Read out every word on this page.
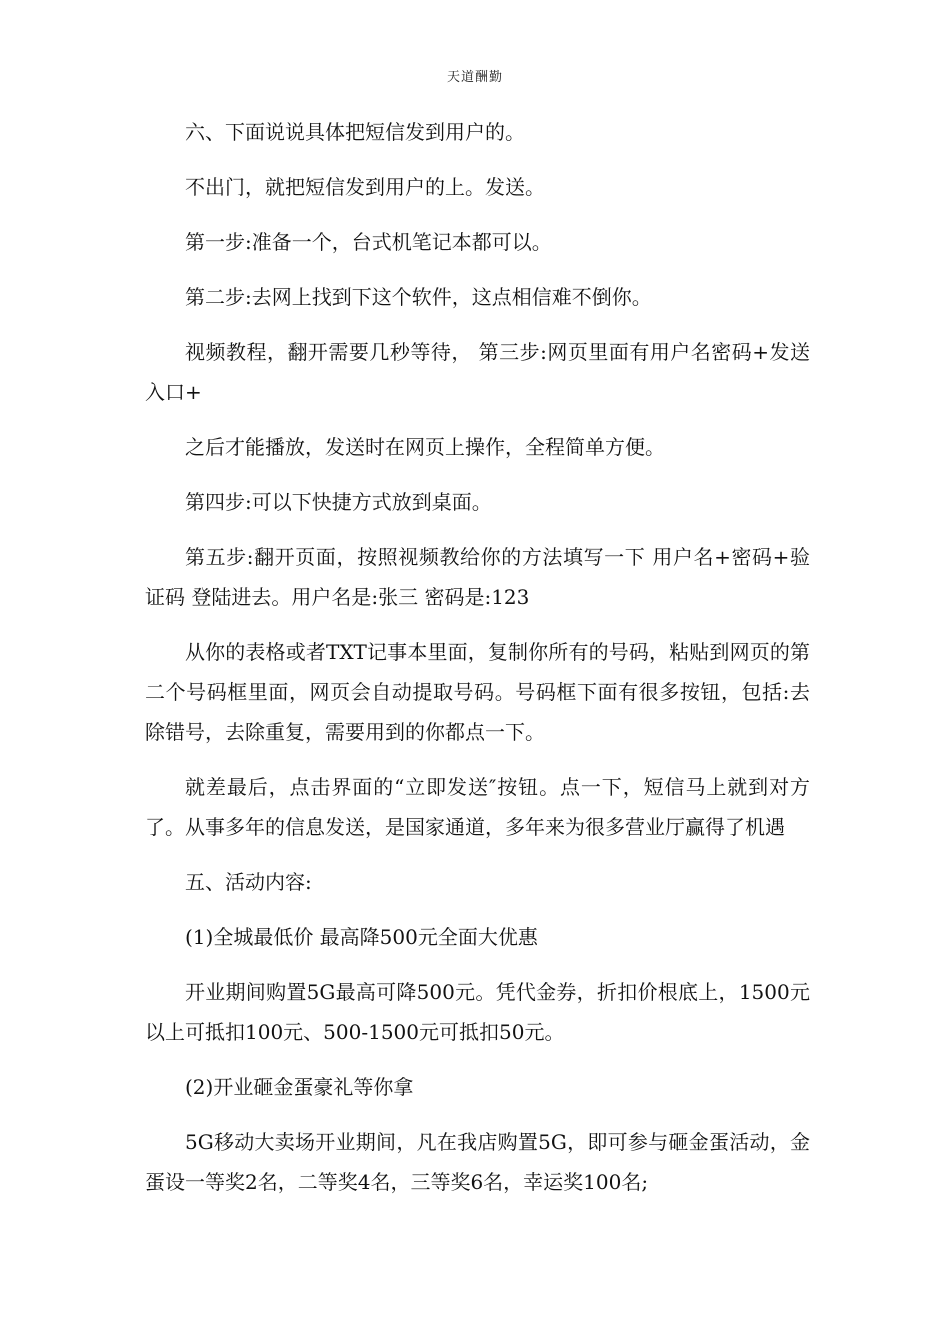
天道酬勤

六、下面说说具体把短信发到用户的。

不出门，就把短信发到用户的上。发送。

第一步:准备一个，台式机笔记本都可以。

第二步:去网上找到下这个软件，这点相信难不倒你。

视频教程，翻开需要几秒等待， 第三步:网页里面有用户名密码+发送入口+

之后才能播放，发送时在网页上操作，全程简单方便。

第四步:可以下快捷方式放到桌面。

第五步:翻开页面，按照视频教给你的方法填写一下 用户名+密码+验证码 登陆进去。用户名是:张三 密码是:123

从你的表格或者TXT记事本里面，复制你所有的号码，粘贴到网页的第二个号码框里面，网页会自动提取号码。号码框下面有很多按钮，包括:去除错号，去除重复，需要用到的你都点一下。

就差最后，点击界面的“立即发送″按钮。点一下，短信马上就到对方了。从事多年的信息发送，是国家通道，多年来为很多营业厅赢得了机遇

五、活动内容:

(1)全城最低价 最高降500元全面大优惠

开业期间购置5G最高可降500元。凭代金券，折扣价根底上，1500元以上可抵扣100元、500-1500元可抵扣50元。

(2)开业砸金蛋豪礼等你拿

5G移动大卖场开业期间，凡在我店购置5G，即可参与砸金蛋活动，金蛋设一等奖2名，二等奖4名，三等奖6名，幸运奖100名;
